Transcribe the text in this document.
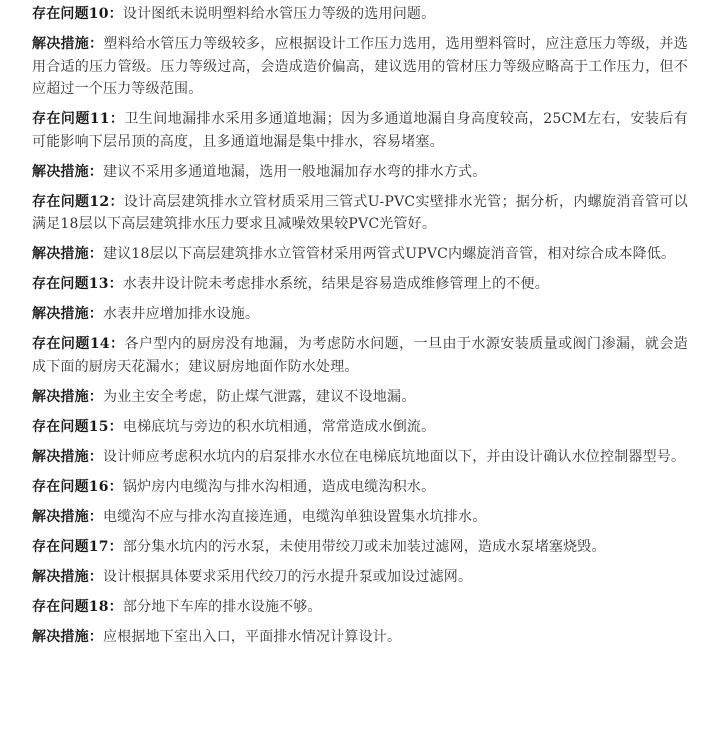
存在问题10：设计图纸未说明塑料给水管压力等级的选用问题。

解决措施：塑料给水管压力等级较多，应根据设计工作压力选用，选用塑料管时，应注意压力等级，并选用合适的压力管级。压力等级过高，会造成造价偏高，建议选用的管材压力等级应略高于工作压力，但不应超过一个压力等级范围。

存在问题11：卫生间地漏排水采用多通道地漏；因为多通道地漏自身高度较高，25CM左右，安装后有可能影响下层吊顶的高度，且多通道地漏是集中排水，容易堵塞。

解决措施：建议不采用多通道地漏，选用一般地漏加存水弯的排水方式。

存在问题12：设计高层建筑排水立管材质采用三管式U-PVC实壁排水光管；据分析，内螺旋消音管可以满足18层以下高层建筑排水压力要求且减噪效果较PVC光管好。

解决措施：建议18层以下高层建筑排水立管管材采用两管式UPVC内螺旋消音管，相对综合成本降低。

存在问题13：水表井设计院未考虑排水系统，结果是容易造成维修管理上的不便。

解决措施：水表井应增加排水设施。

存在问题14：各户型内的厨房没有地漏，为考虑防水问题，一旦由于水源安装质量或阀门渗漏，就会造成下面的厨房天花漏水；建议厨房地面作防水处理。

解决措施：为业主安全考虑，防止煤气泄露，建议不设地漏。

存在问题15：电梯底坑与旁边的积水坑相通，常常造成水倒流。

解决措施：设计师应考虑积水坑内的启泵排水水位在电梯底坑地面以下，并由设计确认水位控制器型号。

存在问题16：锅炉房内电缆沟与排水沟相通，造成电缆沟积水。

解决措施：电缆沟不应与排水沟直接连通，电缆沟单独设置集水坑排水。

存在问题17：部分集水坑内的污水泵，未使用带绞刀或未加装过滤网，造成水泵堵塞烧毁。

解决措施：设计根据具体要求采用代绞刀的污水提升泵或加设过滤网。

存在问题18：部分地下车库的排水设施不够。

解决措施：应根据地下室出入口，平面排水情况计算设计。
